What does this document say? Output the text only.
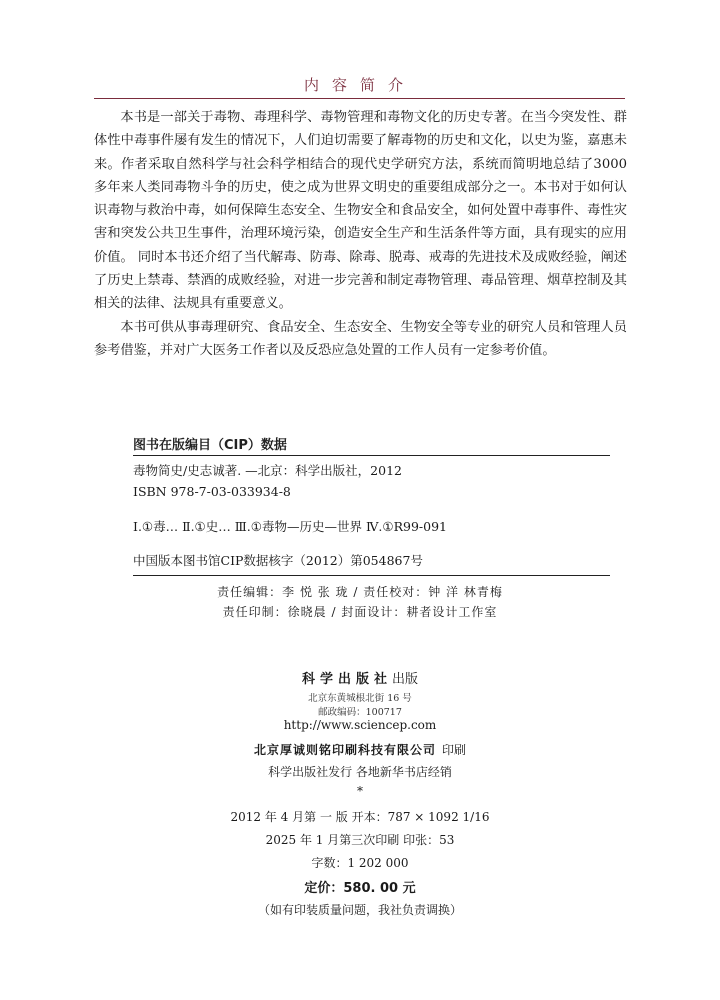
内容简介

本书是一部关于毒物、毒理科学、毒物管理和毒物文化的历史专著。在当今突发性、群体性中毒事件屡有发生的情况下，人们迫切需要了解毒物的历史和文化，以史为鉴，嘉惠未来。作者采取自然科学与社会科学相结合的现代史学研究方法，系统而简明地总结了3000多年来人类同毒物斗争的历史，使之成为世界文明史的重要组成部分之一。本书对于如何认识毒物与救治中毒，如何保障生态安全、生物安全和食品安全，如何处置中毒事件、毒性灾害和突发公共卫生事件，治理环境污染，创造安全生产和生活条件等方面，具有现实的应用价值。 同时本书还介绍了当代解毒、防毒、除毒、脱毒、戒毒的先进技术及成败经验，阐述了历史上禁毒、禁酒的成败经验，对进一步完善和制定毒物管理、毒品管理、烟草控制及其相关的法律、法规具有重要意义。

本书可供从事毒理研究、食品安全、生态安全、生物安全等专业的研究人员和管理人员参考借鉴，并对广大医务工作者以及反恐应急处置的工作人员有一定参考价值。

图书在版编目（CIP）数据
毒物简史/史志诚著. —北京：科学出版社，2012
ISBN 978-7-03-033934-8
Ⅰ.①毒… Ⅱ.①史… Ⅲ.①毒物—历史—世界 Ⅳ.①R99-091
中国版本图书馆CIP数据核字（2012）第054867号
责任编辑：李 悦 张 珑 / 责任校对：钟 洋 林青梅
责任印制：徐晓晨 / 封面设计：耕者设计工作室
科学出版社出版
北京东黄城根北街 16 号
邮政编码：100717
http://www.sciencep.com
北京厚诚则铭印刷科技有限公司 印刷
科学出版社发行 各地新华书店经销
*
2012 年 4 月第 一 版 开本：787 × 1092 1/16
2025 年 1 月第三次印刷 印张：53
字数：1 202 000
定价：580. 00 元
（如有印装质量问题，我社负责调换）
